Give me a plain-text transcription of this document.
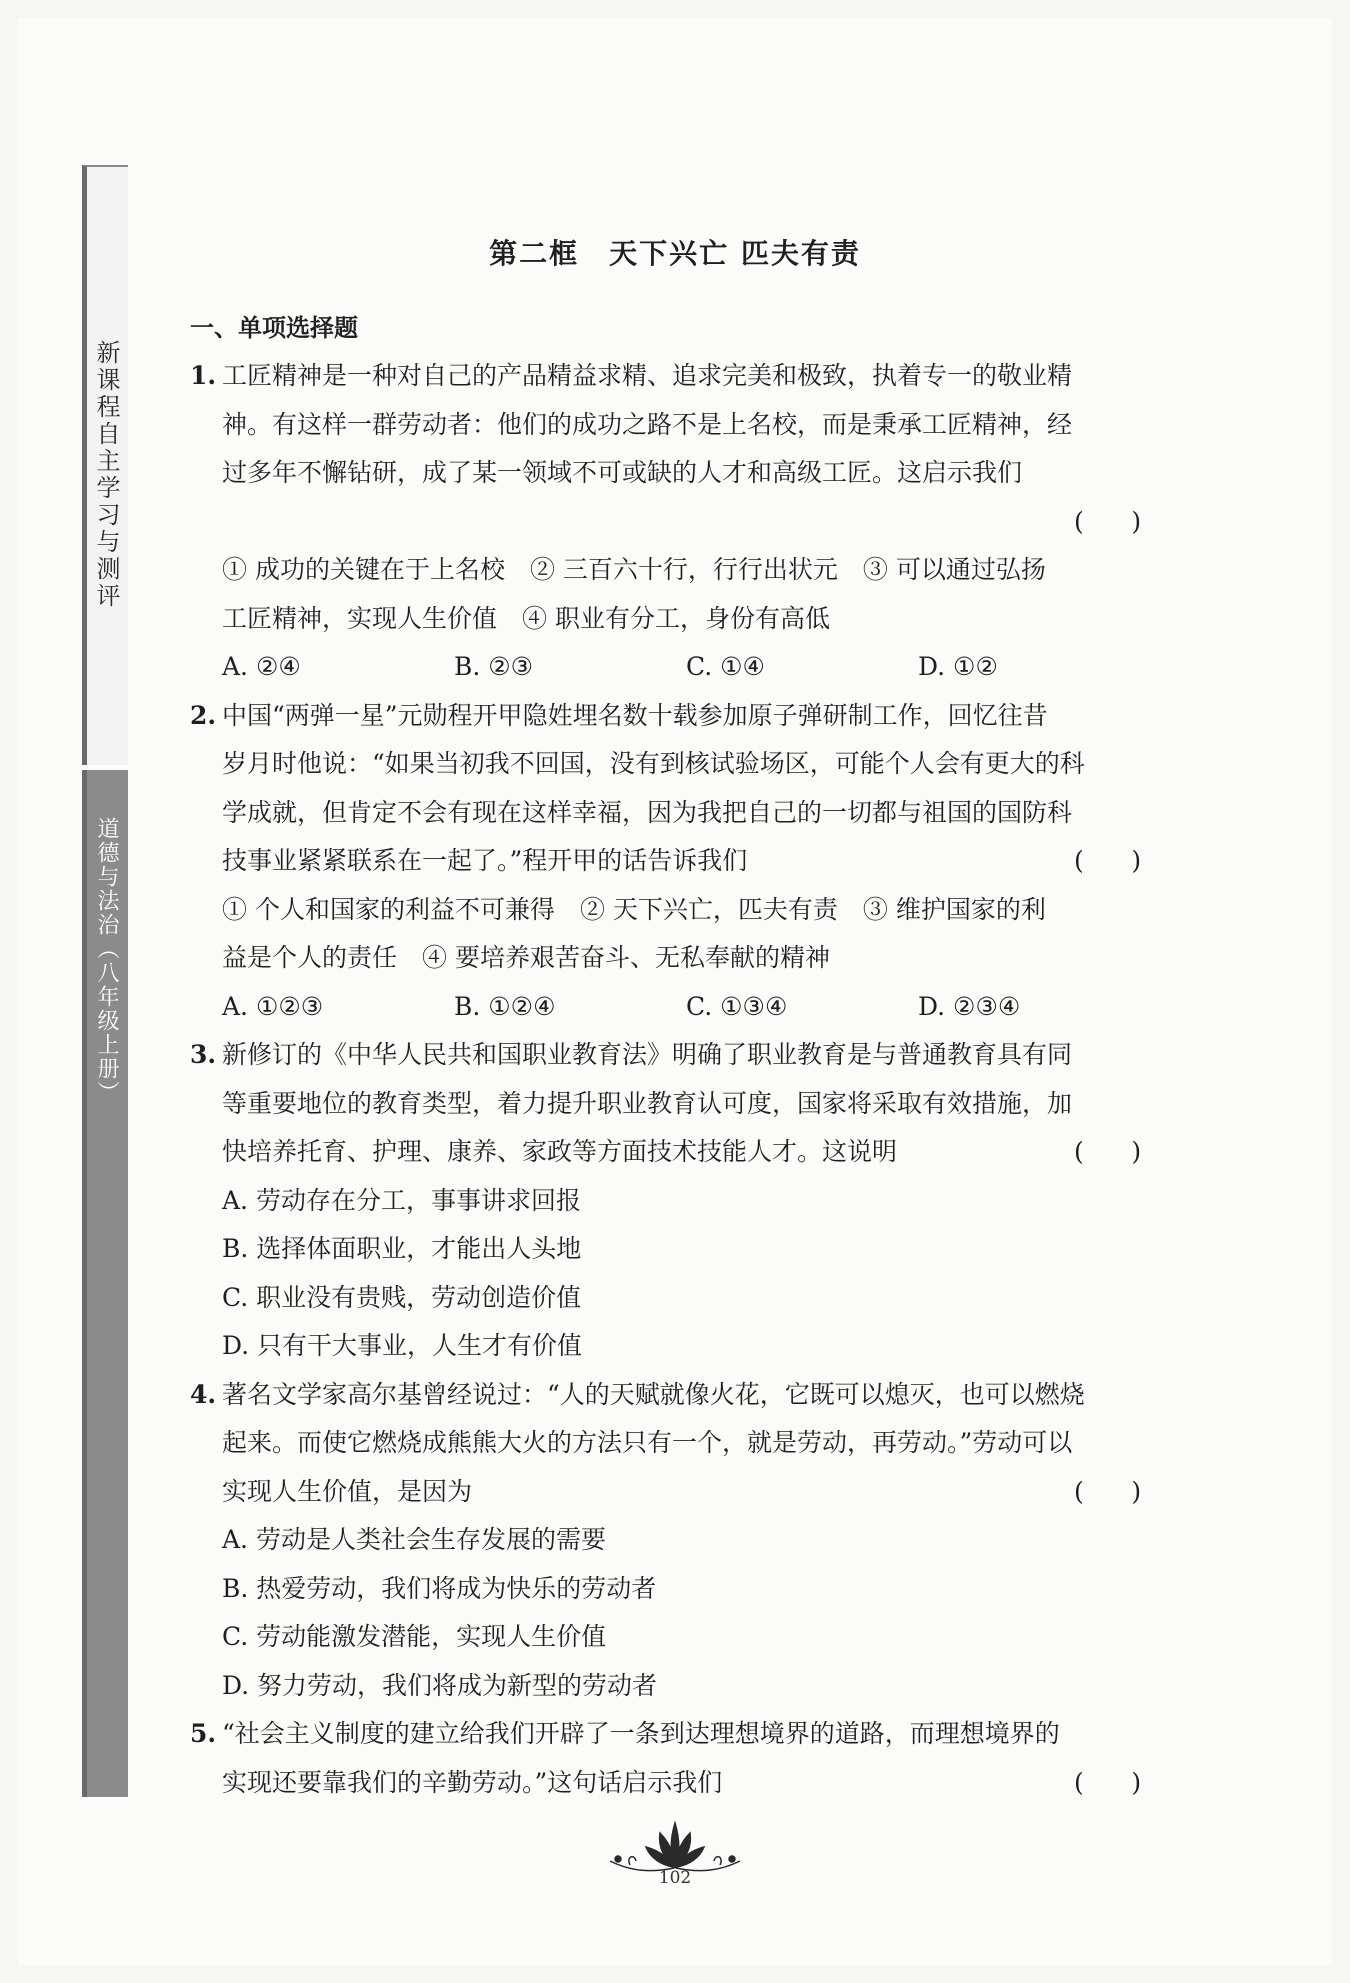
新课程自主学习与测评
道德与法治（八年级上册）
第二框 天下兴亡 匹夫有责
一、单项选择题
1. 工匠精神是一种对自己的产品精益求精、追求完美和极致，执着专一的敬业精
神。有这样一群劳动者：他们的成功之路不是上名校，而是秉承工匠精神，经
过多年不懈钻研，成了某一领域不可或缺的人才和高级工匠。这启示我们
(      )
① 成功的关键在于上名校　② 三百六十行，行行出状元　③ 可以通过弘扬
工匠精神，实现人生价值　④ 职业有分工，身份有高低
A. ②④	B. ②③	C. ①④	D. ①②
2. 中国“两弹一星”元勋程开甲隐姓埋名数十载参加原子弹研制工作，回忆往昔
岁月时他说：“如果当初我不回国，没有到核试验场区，可能个人会有更大的科
学成就，但肯定不会有现在这样幸福，因为我把自己的一切都与祖国的国防科
技事业紧紧联系在一起了。”程开甲的话告诉我们	(      )
① 个人和国家的利益不可兼得　② 天下兴亡，匹夫有责　③ 维护国家的利
益是个人的责任　④ 要培养艰苦奋斗、无私奉献的精神
A. ①②③	B. ①②④	C. ①③④	D. ②③④
3. 新修订的《中华人民共和国职业教育法》明确了职业教育是与普通教育具有同
等重要地位的教育类型，着力提升职业教育认可度，国家将采取有效措施，加
快培养托育、护理、康养、家政等方面技术技能人才。这说明	(      )
A. 劳动存在分工，事事讲求回报
B. 选择体面职业，才能出人头地
C. 职业没有贵贱，劳动创造价值
D. 只有干大事业，人生才有价值
4. 著名文学家高尔基曾经说过：“人的天赋就像火花，它既可以熄灭，也可以燃烧
起来。而使它燃烧成熊熊大火的方法只有一个，就是劳动，再劳动。”劳动可以
实现人生价值，是因为	(      )
A. 劳动是人类社会生存发展的需要
B. 热爱劳动，我们将成为快乐的劳动者
C. 劳动能激发潜能，实现人生价值
D. 努力劳动，我们将成为新型的劳动者
5. “社会主义制度的建立给我们开辟了一条到达理想境界的道路，而理想境界的
实现还要靠我们的辛勤劳动。”这句话启示我们	(      )
102
